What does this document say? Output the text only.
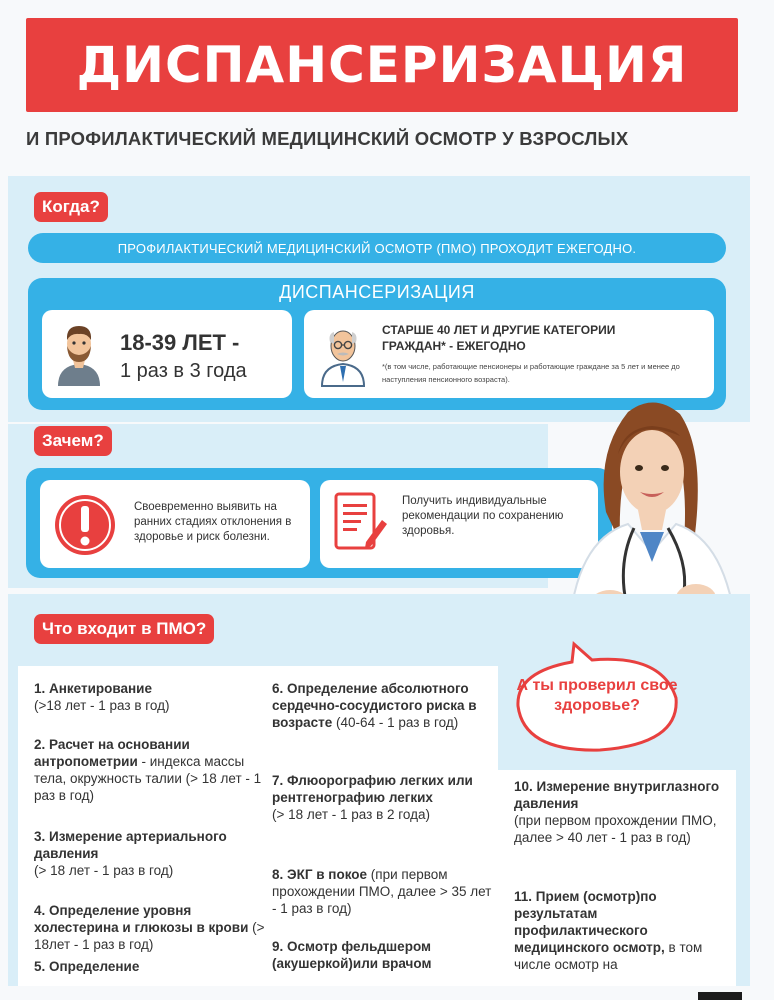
ДИСПАНСЕРИЗАЦИЯ
И ПРОФИЛАКТИЧЕСКИЙ МЕДИЦИНСКИЙ ОСМОТР У ВЗРОСЛЫХ
Когда?
ПРОФИЛАКТИЧЕСКИЙ МЕДИЦИНСКИЙ ОСМОТР (ПМО) ПРОХОДИТ ЕЖЕГОДНО.
ДИСПАНСЕРИЗАЦИЯ
18-39 ЛЕТ -
1 раз в 3 года
СТАРШЕ 40 ЛЕТ И ДРУГИЕ КАТЕГОРИИ ГРАЖДАН* - ЕЖЕГОДНО
*(в том числе, работающие пенсионеры и работающие граждане за 5 лет и менее до наступления пенсионного возраста).
Зачем?
Своевременно выявить на ранних стадиях отклонения в здоровье и риск болезни.
Получить индивидуальные рекомендации по сохранению здоровья.
Что входит в ПМО?
А ты проверил свое здоровье?
1. Анкетирование
(>18 лет - 1 раз в год)
2. Расчет на основании антропометрии - индекса массы тела, окружность талии (> 18 лет - 1 раз в год)
3. Измерение артериального давления
(> 18 лет - 1 раз в год)
4. Определение уровня холестерина и глюкозы в крови (> 18лет - 1 раз в год)
5. Определение
6. Определение абсолютного сердечно-сосудистого риска в возрасте (40-64 - 1 раз в год)
7. Флюорографию легких или рентгенографию легких
(> 18 лет - 1 раз в 2 года)
8. ЭКГ в покое (при первом прохождении ПМО, далее > 35 лет - 1 раз в год)
9. Осмотр фельдшером (акушеркой)или врачом
10. Измерение внутриглазного давления
(при первом прохождении ПМО, далее > 40 лет - 1 раз в год)
11. Прием (осмотр)по результатам профилактического медицинского осмотр, в том числе осмотр на
